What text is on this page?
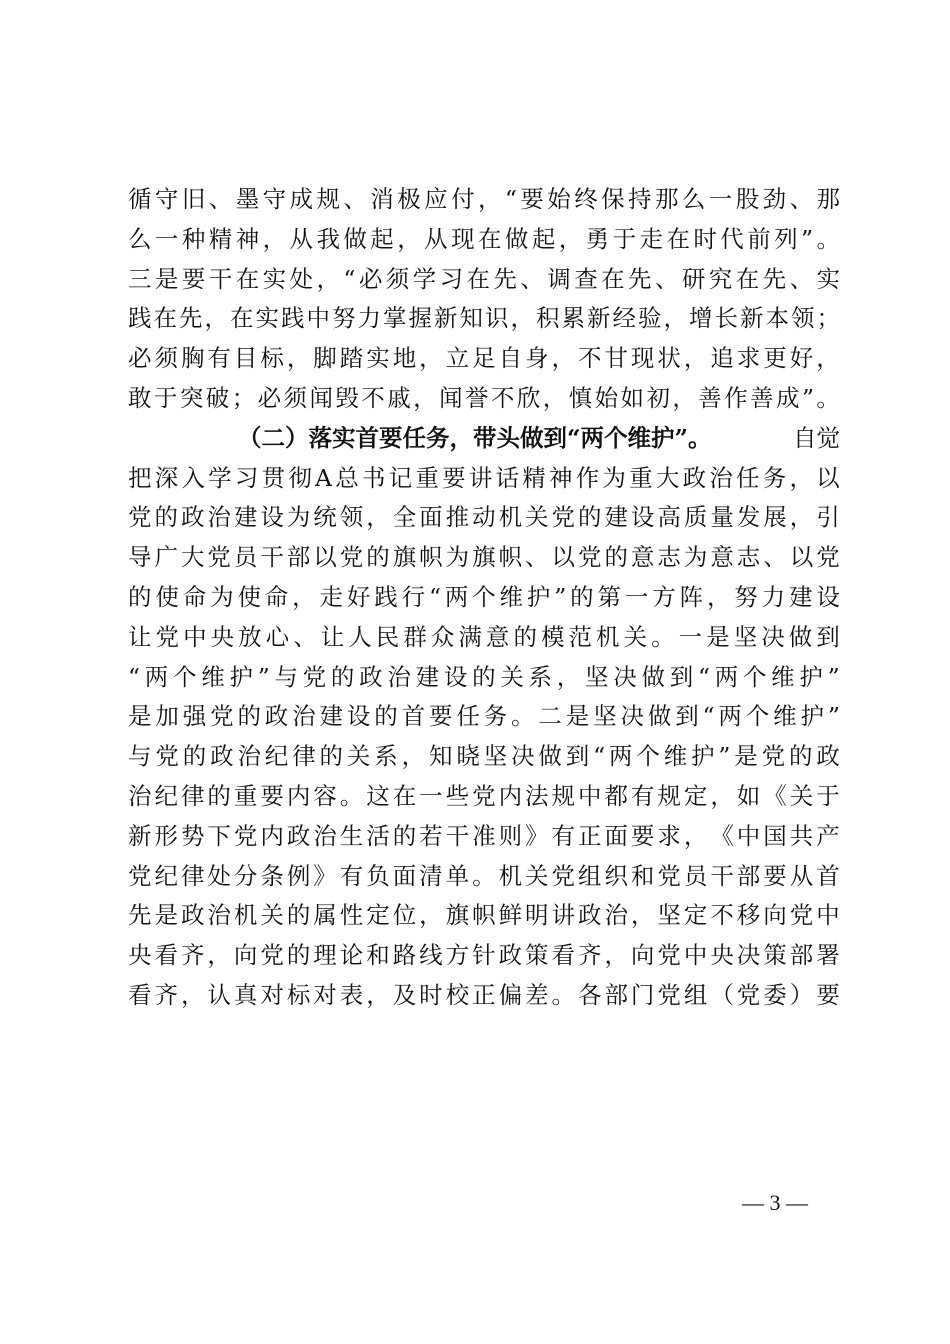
循 守 旧 、 墨 守 成 规 、 消 极 应 付 ， “ 要 始 终 保 持 那 么 一 股 劲 、 那
么 一 种 精 神 ， 从 我 做 起 ， 从 现 在 做 起 ， 勇 于 走 在 时 代 前 列 ” 。
三 是 要 干 在 实 处 ， “ 必 须 学 习 在 先 、 调 查 在 先 、 研 究 在 先 、 实
践 在 先 ， 在 实 践 中 努 力 掌 握 新 知 识 ， 积 累 新 经 验 ， 增 长 新 本 领 ；
必 须 胸 有 目 标 ， 脚 踏 实 地 ， 立 足 自 身 ， 不 甘 现 状 ， 追 求 更 好 ，
敢 于 突 破 ； 必 须 闻 毁 不 戚 ， 闻 誉 不 欣 ， 慎 始 如 初 ， 善 作 善 成 ” 。
（二）落实首要任务，带头做到“两个维护”。	自觉
把 深 入 学 习 贯 彻 A 总 书 记 重 要 讲 话 精 神 作 为 重 大 政 治 任 务 ， 以
党 的 政 治 建 设 为 统 领 ， 全 面 推 动 机 关 党 的 建 设 高 质 量 发 展 ， 引
导 广 大 党 员 干 部 以 党 的 旗 帜 为 旗 帜 、 以 党 的 意 志 为 意 志 、 以 党
的 使 命 为 使 命 ， 走 好 践 行 “ 两 个 维 护 ” 的 第 一 方 阵 ， 努 力 建 设
让 党 中 央 放 心 、 让 人 民 群 众 满 意 的 模 范 机 关 。 一 是 坚 决 做 到
“ 两 个 维 护 ” 与 党 的 政 治 建 设 的 关 系 ， 坚 决 做 到 “ 两 个 维 护 ”
是 加 强 党 的 政 治 建 设 的 首 要 任 务 。 二 是 坚 决 做 到 “ 两 个 维 护 ”
与 党 的 政 治 纪 律 的 关 系 ， 知 晓 坚 决 做 到 “ 两 个 维 护 ” 是 党 的 政
治 纪 律 的 重 要 内 容 。 这 在 一 些 党 内 法 规 中 都 有 规 定 ， 如 《 关 于
新 形 势 下 党 内 政 治 生 活 的 若 干 准 则 》 有 正 面 要 求 ， 《 中 国 共 产
党 纪 律 处 分 条 例 》 有 负 面 清 单 。 机 关 党 组 织 和 党 员 干 部 要 从 首
先 是 政 治 机 关 的 属 性 定 位 ， 旗 帜 鲜 明 讲 政 治 ， 坚 定 不 移 向 党 中
央 看 齐 ， 向 党 的 理 论 和 路 线 方 针 政 策 看 齐 ， 向 党 中 央 决 策 部 署
看 齐 ， 认 真 对 标 对 表 ， 及 时 校 正 偏 差 。 各 部 门 党 组 （ 党 委 ） 要
— 3 —
